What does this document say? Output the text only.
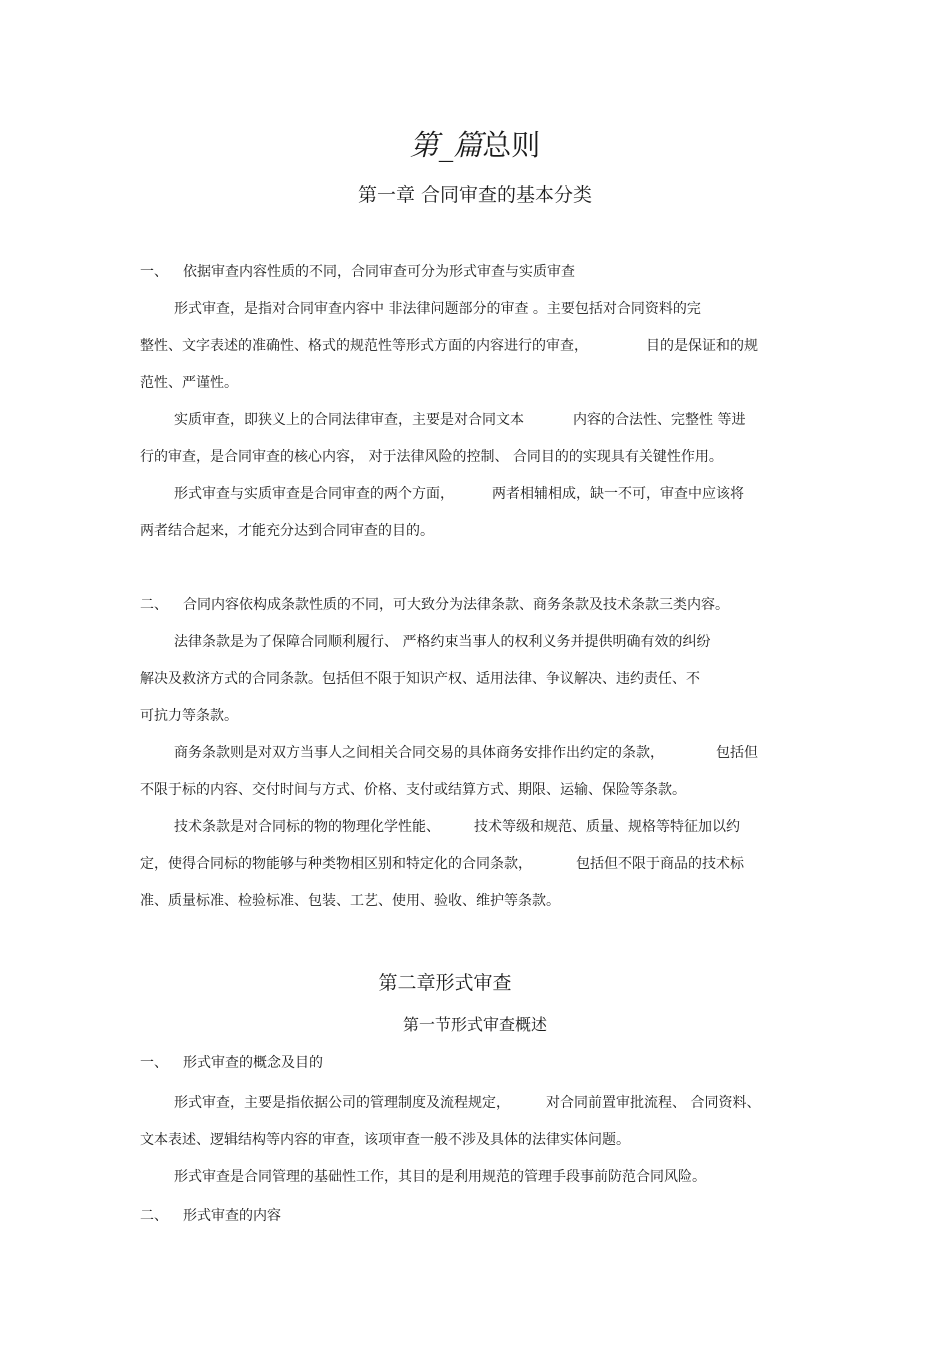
第_篇总则
第一章 合同审查的基本分类
一、 依据审查内容性质的不同，合同审查可分为形式审查与实质审查
形式审查，是指对合同审查内容中 非法律问题部分的审查 。主要包括对合同资料的完
整性、文字表述的准确性、格式的规范性等形式方面的内容进行的审查，	目的是保证和的规
范性、严谨性。
实质审查，即狭义上的合同法律审查，主要是对合同文本	内容的合法性、完整性 等进
行的审查，是合同审查的核心内容， 对于法律风险的控制、 合同目的的实现具有关键性作用。
形式审查与实质审查是合同审查的两个方面，	两者相辅相成，缺一不可，审查中应该将
两者结合起来，才能充分达到合同审查的目的。
二、 合同内容依构成条款性质的不同，可大致分为法律条款、商务条款及技术条款三类内容。
法律条款是为了保障合同顺利履行、 严格约束当事人的权利义务并提供明确有效的纠纷
解决及救济方式的合同条款。包括但不限于知识产权、适用法律、争议解决、违约责任、不
可抗力等条款。
商务条款则是对双方当事人之间相关合同交易的具体商务安排作出约定的条款，	包括但
不限于标的内容、交付时间与方式、价格、支付或结算方式、期限、运输、保险等条款。
技术条款是对合同标的物的物理化学性能、 技术等级和规范、质量、规格等特征加以约
定，使得合同标的物能够与种类物相区别和特定化的合同条款，	包括但不限于商品的技术标
准、质量标准、检验标准、包装、工艺、使用、验收、维护等条款。
第二章形式审查
第一节形式审查概述
一、 形式审查的概念及目的
形式审查，主要是指依据公司的管理制度及流程规定，	对合同前置审批流程、 合同资料、
文本表述、逻辑结构等内容的审查，该项审查一般不涉及具体的法律实体问题。
形式审查是合同管理的基础性工作，其目的是利用规范的管理手段事前防范合同风险。
二、 形式审查的内容
